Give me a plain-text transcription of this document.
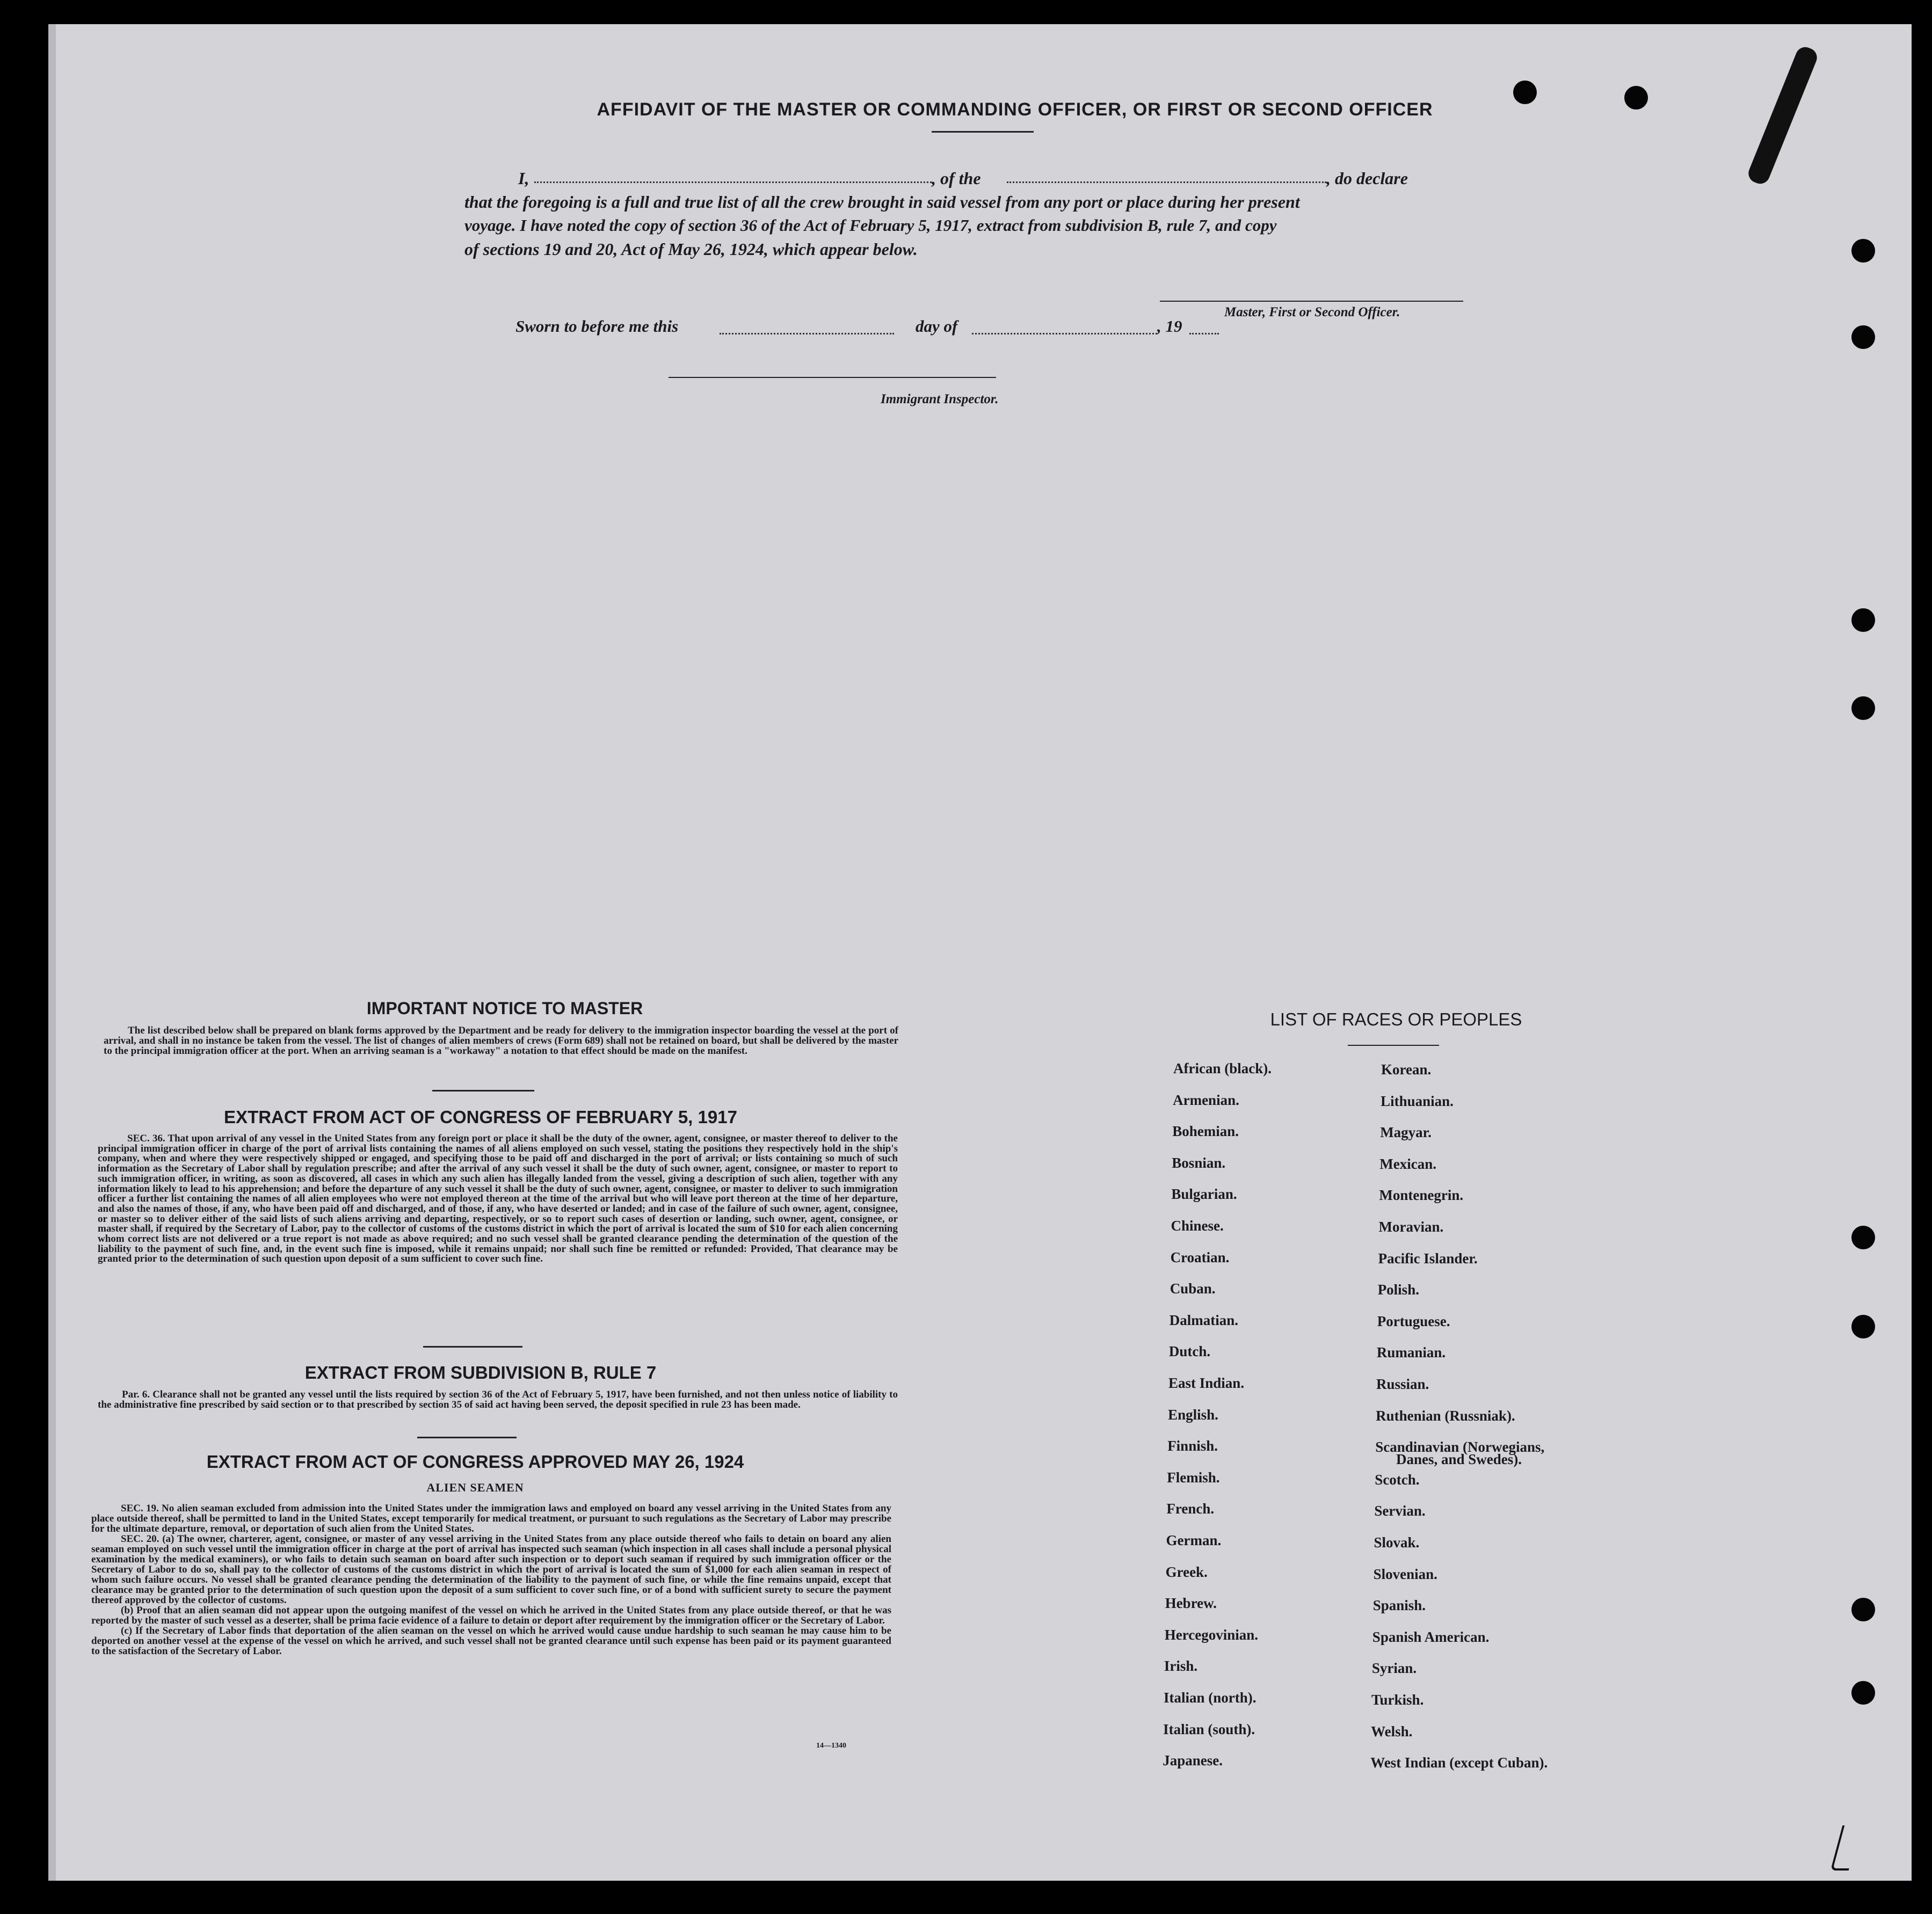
AFFIDAVIT OF THE MASTER OR COMMANDING OFFICER, OR FIRST OR SECOND OFFICER
I,	, of the	, do declare
that the foregoing is a full and true list of all the crew brought in said vessel from any port or place during her present
voyage. I have noted the copy of section 36 of the Act of February 5, 1917, extract from subdivision B, rule 7, and copy
of sections 19 and 20, Act of May 26, 1924, which appear below.
Master, First or Second Officer.
Sworn to before me this	day of	, 19
Immigrant Inspector.
IMPORTANT NOTICE TO MASTER
The list described below shall be prepared on blank forms approved by the Department and be ready for delivery to the immigration inspector boarding the vessel at the port of arrival, and shall in no instance be taken from the vessel. The list of changes of alien members of crews (Form 689) shall not be retained on board, but shall be delivered by the master to the principal immigration officer at the port. When an arriving seaman is a "workaway" a notation to that effect should be made on the manifest.
EXTRACT FROM ACT OF CONGRESS OF FEBRUARY 5, 1917
SEC. 36. That upon arrival of any vessel in the United States from any foreign port or place it shall be the duty of the owner, agent, consignee, or master thereof to deliver to the principal immigration officer in charge of the port of arrival lists containing the names of all aliens employed on such vessel, stating the positions they respectively hold in the ship's company, when and where they were respectively shipped or engaged, and specifying those to be paid off and discharged in the port of arrival; or lists containing so much of such information as the Secretary of Labor shall by regulation prescribe; and after the arrival of any such vessel it shall be the duty of such owner, agent, consignee, or master to report to such immigration officer, in writing, as soon as discovered, all cases in which any such alien has illegally landed from the vessel, giving a description of such alien, together with any information likely to lead to his apprehension; and before the departure of any such vessel it shall be the duty of such owner, agent, consignee, or master to deliver to such immigration officer a further list containing the names of all alien employees who were not employed thereon at the time of the arrival but who will leave port thereon at the time of her departure, and also the names of those, if any, who have been paid off and discharged, and of those, if any, who have deserted or landed; and in case of the failure of such owner, agent, consignee, or master so to deliver either of the said lists of such aliens arriving and departing, respectively, or so to report such cases of desertion or landing, such owner, agent, consignee, or master shall, if required by the Secretary of Labor, pay to the collector of customs of the customs district in which the port of arrival is located the sum of $10 for each alien concerning whom correct lists are not delivered or a true report is not made as above required; and no such vessel shall be granted clearance pending the determination of the question of the liability to the payment of such fine, and, in the event such fine is imposed, while it remains unpaid; nor shall such fine be remitted or refunded: Provided, That clearance may be granted prior to the determination of such question upon deposit of a sum sufficient to cover such fine.
EXTRACT FROM SUBDIVISION B, RULE 7
Par. 6. Clearance shall not be granted any vessel until the lists required by section 36 of the Act of February 5, 1917, have been furnished, and not then unless notice of liability to the administrative fine prescribed by said section or to that prescribed by section 35 of said act having been served, the deposit specified in rule 23 has been made.
EXTRACT FROM ACT OF CONGRESS APPROVED MAY 26, 1924
ALIEN SEAMEN
SEC. 19. No alien seaman excluded from admission into the United States under the immigration laws and employed on board any vessel arriving in the United States from any place outside thereof, shall be permitted to land in the United States, except temporarily for medical treatment, or pursuant to such regulations as the Secretary of Labor may prescribe for the ultimate departure, removal, or deportation of such alien from the United States.
SEC. 20. (a) The owner, charterer, agent, consignee, or master of any vessel arriving in the United States from any place outside thereof who fails to detain on board any alien seaman employed on such vessel until the immigration officer in charge at the port of arrival has inspected such seaman (which inspection in all cases shall include a personal physical examination by the medical examiners), or who fails to detain such seaman on board after such inspection or to deport such seaman if required by such immigration officer or the Secretary of Labor to do so, shall pay to the collector of customs of the customs district in which the port of arrival is located the sum of $1,000 for each alien seaman in respect of whom such failure occurs. No vessel shall be granted clearance pending the determination of the liability to the payment of such fine, or while the fine remains unpaid, except that clearance may be granted prior to the determination of such question upon the deposit of a sum sufficient to cover such fine, or of a bond with sufficient surety to secure the payment thereof approved by the collector of customs.
(b) Proof that an alien seaman did not appear upon the outgoing manifest of the vessel on which he arrived in the United States from any place outside thereof, or that he was reported by the master of such vessel as a deserter, shall be prima facie evidence of a failure to detain or deport after requirement by the immigration officer or the Secretary of Labor.
(c) If the Secretary of Labor finds that deportation of the alien seaman on the vessel on which he arrived would cause undue hardship to such seaman he may cause him to be deported on another vessel at the expense of the vessel on which he arrived, and such vessel shall not be granted clearance until such expense has been paid or its payment guaranteed to the satisfaction of the Secretary of Labor.
14—1340
LIST OF RACES OR PEOPLES
African (black).
Armenian.
Bohemian.
Bosnian.
Bulgarian.
Chinese.
Croatian.
Cuban.
Dalmatian.
Dutch.
East Indian.
English.
Finnish.
Flemish.
French.
German.
Greek.
Hebrew.
Hercegovinian.
Irish.
Italian (north).
Italian (south).
Japanese.
Korean.
Lithuanian.
Magyar.
Mexican.
Montenegrin.
Moravian.
Pacific Islander.
Polish.
Portuguese.
Rumanian.
Russian.
Ruthenian (Russniak).
Scandinavian (Norwegians,
Scotch.
Servian.
Slovak.
Slovenian.
Spanish.
Spanish American.
Syrian.
Turkish.
Welsh.
West Indian (except Cuban).
Danes, and Swedes).
